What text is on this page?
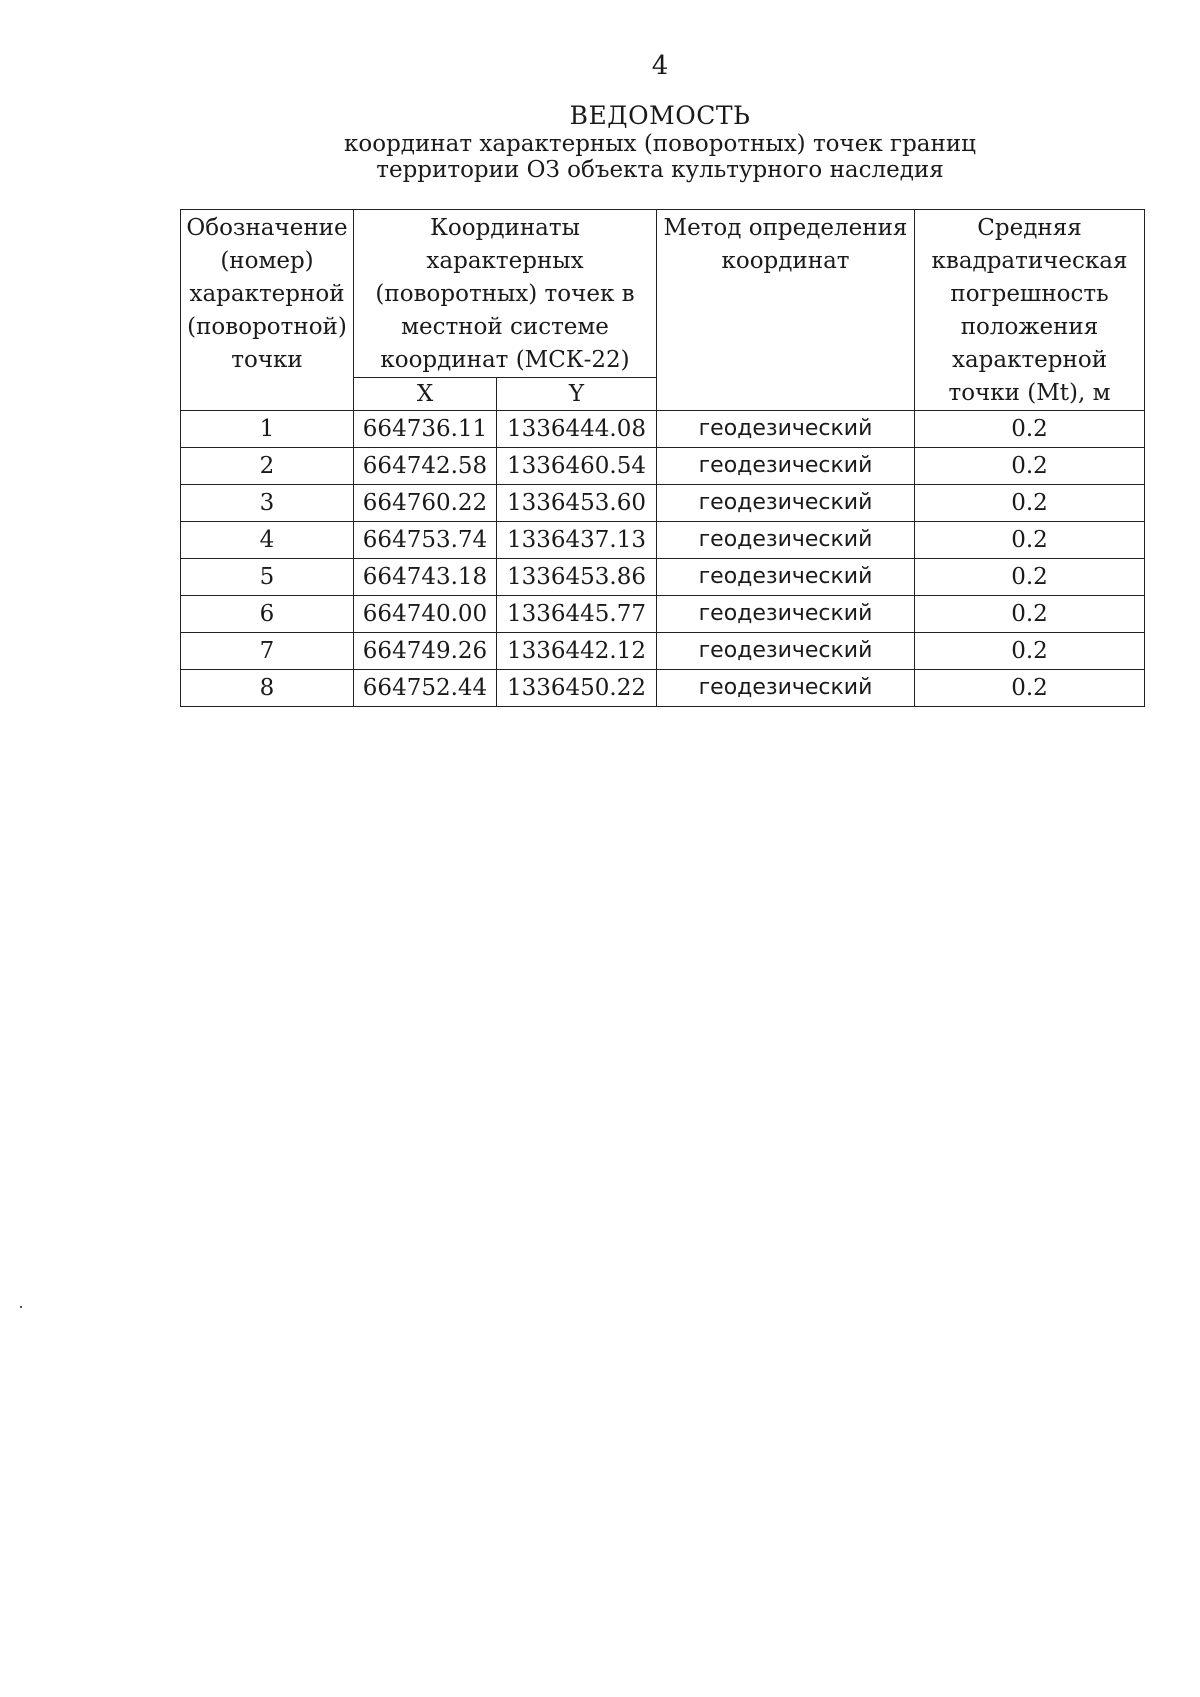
4
ВЕДОМОСТЬ
координат характерных (поворотных) точек границ
территории ОЗ объекта культурного наследия
Обозначение (номер) характерной (поворотной) точки	Координаты характерных (поворотных) точек в местной системе координат (МСК-22)		Метод определения координат	Средняя квадратическая погрешность положения характерной точки (Mt), м
	X	Y		
1	664736.11	1336444.08	геодезический	0.2
2	664742.58	1336460.54	геодезический	0.2
3	664760.22	1336453.60	геодезический	0.2
4	664753.74	1336437.13	геодезический	0.2
5	664743.18	1336453.86	геодезический	0.2
6	664740.00	1336445.77	геодезический	0.2
7	664749.26	1336442.12	геодезический	0.2
8	664752.44	1336450.22	геодезический	0.2
